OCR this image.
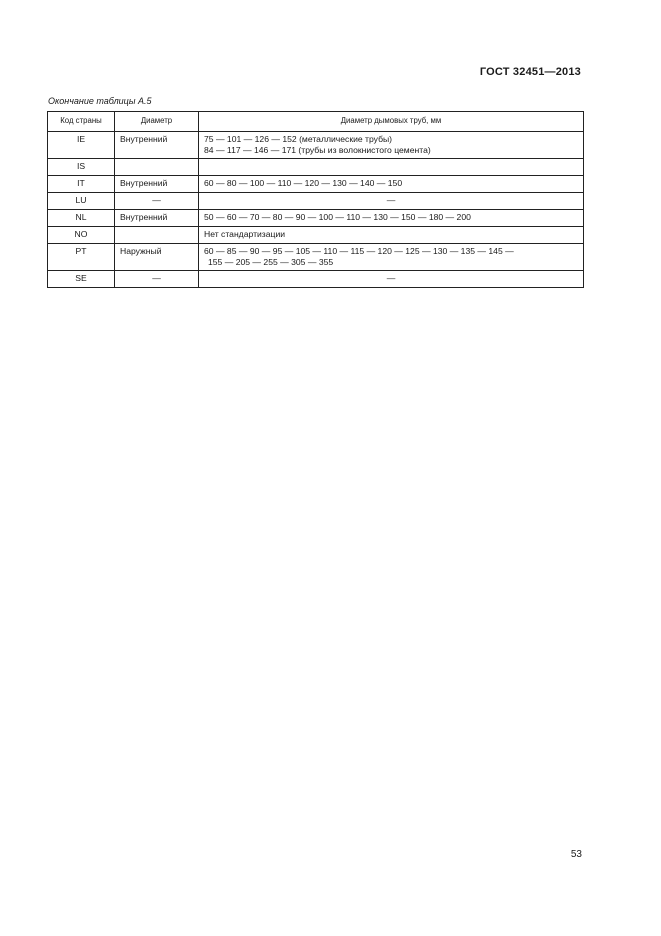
ГОСТ 32451—2013
Окончание таблицы А.5
Код страны	Диаметр	Диаметр дымовых труб, мм
IE	Внутренний	75 — 101 — 126 — 152 (металлические трубы)
84 — 117 — 146 — 171 (трубы из волокнистого цемента)

IS		
IT	Внутренний	60 — 80 — 100 — 110 — 120 — 130 — 140 — 150
LU	—	—
NL	Внутренний	50 — 60 — 70 — 80 — 90 — 100 — 110 — 130 — 150 — 180 — 200
NO		Нет стандартизации
PT	Наружный	60 — 85 — 90 — 95 — 105 — 110 — 115 — 120 — 125 — 130 — 135 — 145 —
155 — 205 — 255 — 305 — 355

SE	—	—
53
